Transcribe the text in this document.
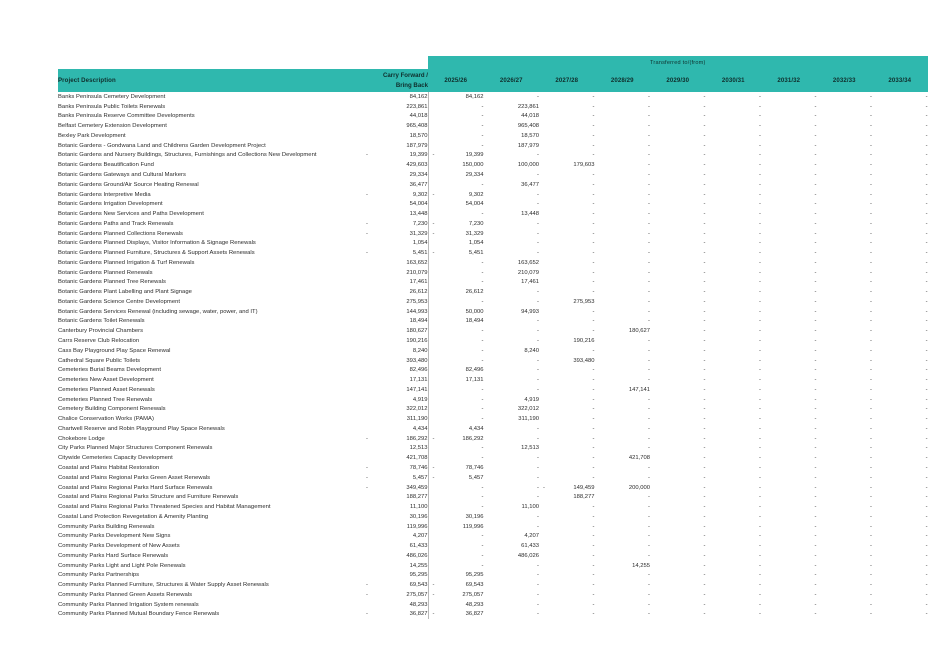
		Transferred to/(from)								
Project Description	Carry Forward /
Bring Back	2025/26	2026/27	2027/28	2028/29	2029/30	2030/31	2031/32	2032/33	2033/34
Banks Peninsula Cemetery Development	84,162	84,162	-	-	-	-	-	-	-	-
Banks Peninsula Public Toilets Renewals	223,861	-	223,861	-	-	-	-	-	-	-
Banks Peninsula Reserve Committee Developments	44,018	-	44,018	-	-	-	-	-	-	-
Belfast Cemetery Extension Development	965,408	-	965,408	-	-	-	-	-	-	-
Bexley Park Development	18,570	-	18,570	-	-	-	-	-	-	-
Botanic Gardens - Gondwana Land and Childrens Garden Development Project	187,979	-	187,979	-	-	-	-	-	-	-
Botanic Gardens and Nursery Buildings, Structures, Furnishings and Collections New Development	- 19,399	- 19,399	-	-	-	-	-	-	-	-
Botanic Gardens Beautification Fund	429,603	150,000	100,000	179,603	-	-	-	-	-	-
Botanic Gardens Gateways and Cultural Markers	29,334	29,334	-	-	-	-	-	-	-	-
Botanic Gardens Ground/Air Source Heating Renewal	36,477	-	36,477	-	-	-	-	-	-	-
Botanic Gardens Interpretive Media	- 9,302	- 9,302	-	-	-	-	-	-	-	-
Botanic Gardens Irrigation Development	54,004	54,004	-	-	-	-	-	-	-	-
Botanic Gardens New Services and Paths Development	13,448	-	13,448	-	-	-	-	-	-	-
Botanic Gardens Paths and Track Renewals	- 7,230	- 7,230	-	-	-	-	-	-	-	-
Botanic Gardens Planned Collections Renewals	- 31,329	- 31,329	-	-	-	-	-	-	-	-
Botanic Gardens Planned Displays, Visitor Information & Signage Renewals	1,054	1,054	-	-	-	-	-	-	-	-
Botanic Gardens Planned Furniture, Structures & Support Assets Renewals	- 5,451	- 5,451	-	-	-	-	-	-	-	-
Botanic Gardens Planned Irrigation & Turf Renewals	163,652	-	163,652	-	-	-	-	-	-	-
Botanic Gardens Planned Renewals	210,079	-	210,079	-	-	-	-	-	-	-
Botanic Gardens Planned Tree Renewals	17,461	-	17,461	-	-	-	-	-	-	-
Botanic Gardens Plant Labelling and Plant Signage	26,612	26,612	-	-	-	-	-	-	-	-
Botanic Gardens Science Centre Development	275,953	-	-	275,953	-	-	-	-	-	-
Botanic Gardens Services Renewal (including sewage, water, power, and IT)	144,993	50,000	94,993	-	-	-	-	-	-	-
Botanic Gardens Toilet Renewals	18,494	18,494	-	-	-	-	-	-	-	-
Canterbury Provincial Chambers	180,627	-	-	-	180,627	-	-	-	-	-
Carrs Reserve Club Relocation	190,216	-	-	190,216	-	-	-	-	-	-
Cass Bay Playground Play Space Renewal	8,240	-	8,240	-	-	-	-	-	-	-
Cathedral Square Public Toilets	393,480	-	-	393,480	-	-	-	-	-	-
Cemeteries Burial Beams Development	82,496	82,496	-	-	-	-	-	-	-	-
Cemeteries New Asset Development	17,131	17,131	-	-	-	-	-	-	-	-
Cemeteries Planned Asset Renewals	147,141	-	-	-	147,141	-	-	-	-	-
Cemeteries Planned Tree Renewals	4,919	-	4,919	-	-	-	-	-	-	-
Cemetery Building Component Renewals	322,012	-	322,012	-	-	-	-	-	-	-
Chalice Conservation Works (PAMA)	311,190	-	311,190	-	-	-	-	-	-	-
Chartwell Reserve and Robin Playground Play Space Renewals	4,434	4,434	-	-	-	-	-	-	-	-
Chokebore Lodge	- 186,292	- 186,292	-	-	-	-	-	-	-	-
City Parks Planned Major Structures Component Renewals	12,513	-	12,513	-	-	-	-	-	-	-
Citywide Cemeteries Capacity Development	421,708	-	-	-	421,708	-	-	-	-	-
Coastal and Plains Habitat Restoration	- 78,746	- 78,746	-	-	-	-	-	-	-	-
Coastal and Plains Regional Parks Green Asset Renewals	- 5,457	- 5,457	-	-	-	-	-	-	-	-
Coastal and Plains Regional Parks Hard Surface Renewals	- 349,459	-	-	- 149,459	200,000	-	-	-	-	-
Coastal and Plains Regional Parks Structure and Furniture Renewals	188,277	-	-	188,277	-	-	-	-	-	-
Coastal and Plains Regional Parks Threatened Species and Habitat Management	11,100	-	11,100	-	-	-	-	-	-	-
Coastal Land Protection Revegetation & Amenity Planting	30,196	30,196	-	-	-	-	-	-	-	-
Community Parks Building Renewals	119,996	119,996	-	-	-	-	-	-	-	-
Community Parks Development New Signs	4,207	-	4,207	-	-	-	-	-	-	-
Community Parks Development of New Assets	61,433	-	61,433	-	-	-	-	-	-	-
Community Parks Hard Surface Renewals	486,026	-	486,026	-	-	-	-	-	-	-
Community Parks Light and Light Pole Renewals	14,255	-	-	-	14,255	-	-	-	-	-
Community Parks Partnerships	95,295	95,295	-	-	-	-	-	-	-	-
Community Parks Planned Furniture, Structures & Water Supply Asset Renewals	- 69,543	- 69,543	-	-	-	-	-	-	-	-
Community Parks Planned Green Assets Renewals	- 275,057	- 275,057	-	-	-	-	-	-	-	-
Community Parks Planned Irrigation System renewals	48,293	48,293	-	-	-	-	-	-	-	-
Community Parks Planned Mutual Boundary Fence Renewals	- 36,827	- 36,827	-	-	-	-	-	-	-	-
